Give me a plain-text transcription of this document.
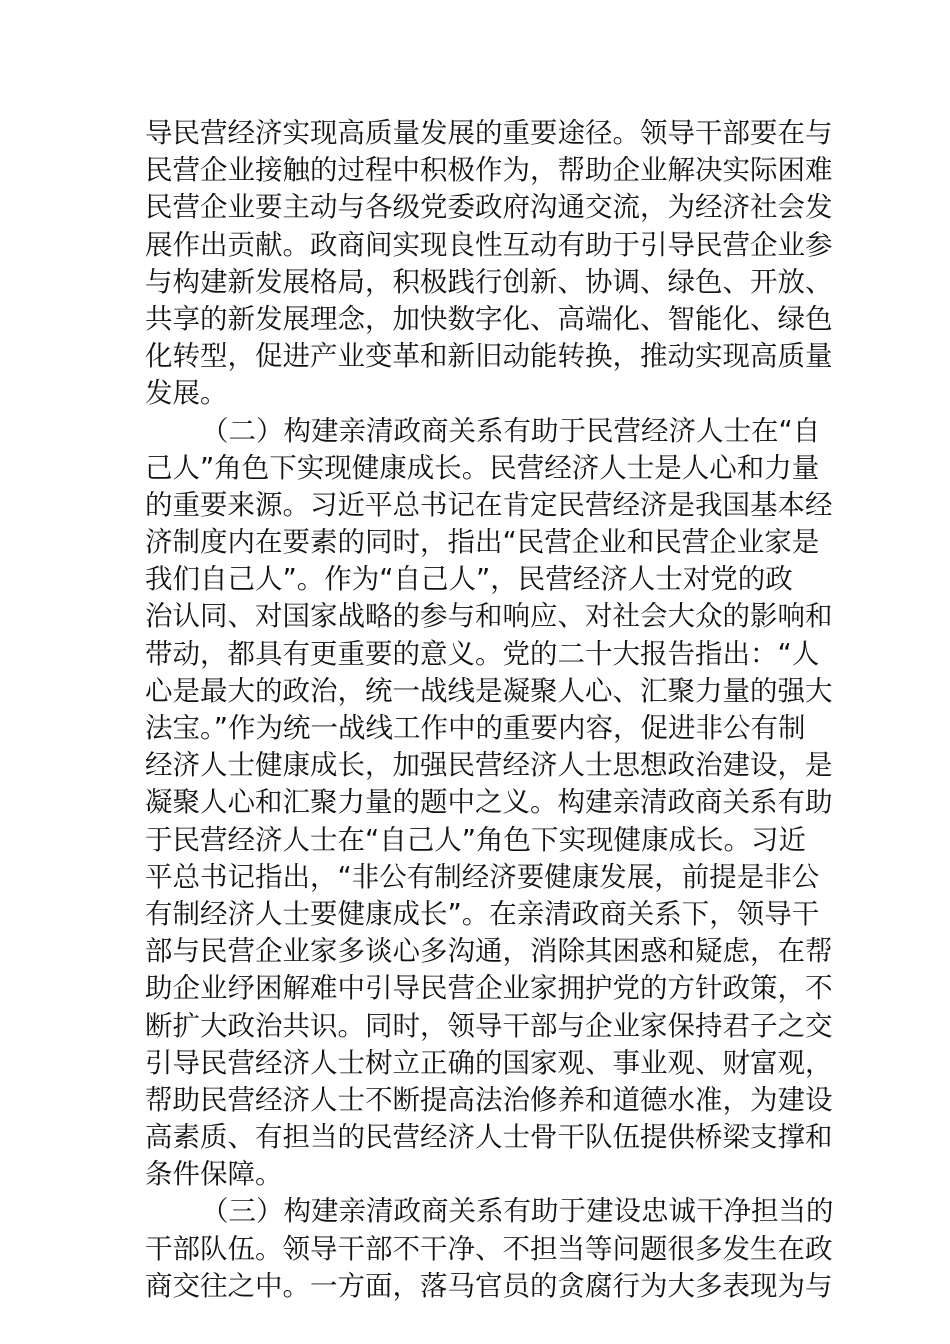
导民营经济实现高质量发展的重要途径。领导干部要在与
民营企业接触的过程中积极作为，帮助企业解决实际困难
民营企业要主动与各级党委政府沟通交流，为经济社会发
展作出贡献。政商间实现良性互动有助于引导民营企业参
与构建新发展格局，积极践行创新、协调、绿色、开放、
共享的新发展理念，加快数字化、高端化、智能化、绿色
化转型，促进产业变革和新旧动能转换，推动实现高质量
发展。
（二）构建亲清政商关系有助于民营经济人士在“自
己人”角色下实现健康成长。民营经济人士是人心和力量
的重要来源。习近平总书记在肯定民营经济是我国基本经
济制度内在要素的同时，指出“民营企业和民营企业家是
我们自己人”。作为“自己人”，民营经济人士对党的政
治认同、对国家战略的参与和响应、对社会大众的影响和
带动，都具有更重要的意义。党的二十大报告指出：“人
心是最大的政治，统一战线是凝聚人心、汇聚力量的强大
法宝。”作为统一战线工作中的重要内容，促进非公有制
经济人士健康成长，加强民营经济人士思想政治建设，是
凝聚人心和汇聚力量的题中之义。构建亲清政商关系有助
于民营经济人士在“自己人”角色下实现健康成长。习近
平总书记指出，“非公有制经济要健康发展，前提是非公
有制经济人士要健康成长”。在亲清政商关系下，领导干
部与民营企业家多谈心多沟通，消除其困惑和疑虑，在帮
助企业纾困解难中引导民营企业家拥护党的方针政策，不
断扩大政治共识。同时，领导干部与企业家保持君子之交
引导民营经济人士树立正确的国家观、事业观、财富观，
帮助民营经济人士不断提高法治修养和道德水准，为建设
高素质、有担当的民营经济人士骨干队伍提供桥梁支撑和
条件保障。
（三）构建亲清政商关系有助于建设忠诚干净担当的
干部队伍。领导干部不干净、不担当等问题很多发生在政
商交往之中。一方面，落马官员的贪腐行为大多表现为与
